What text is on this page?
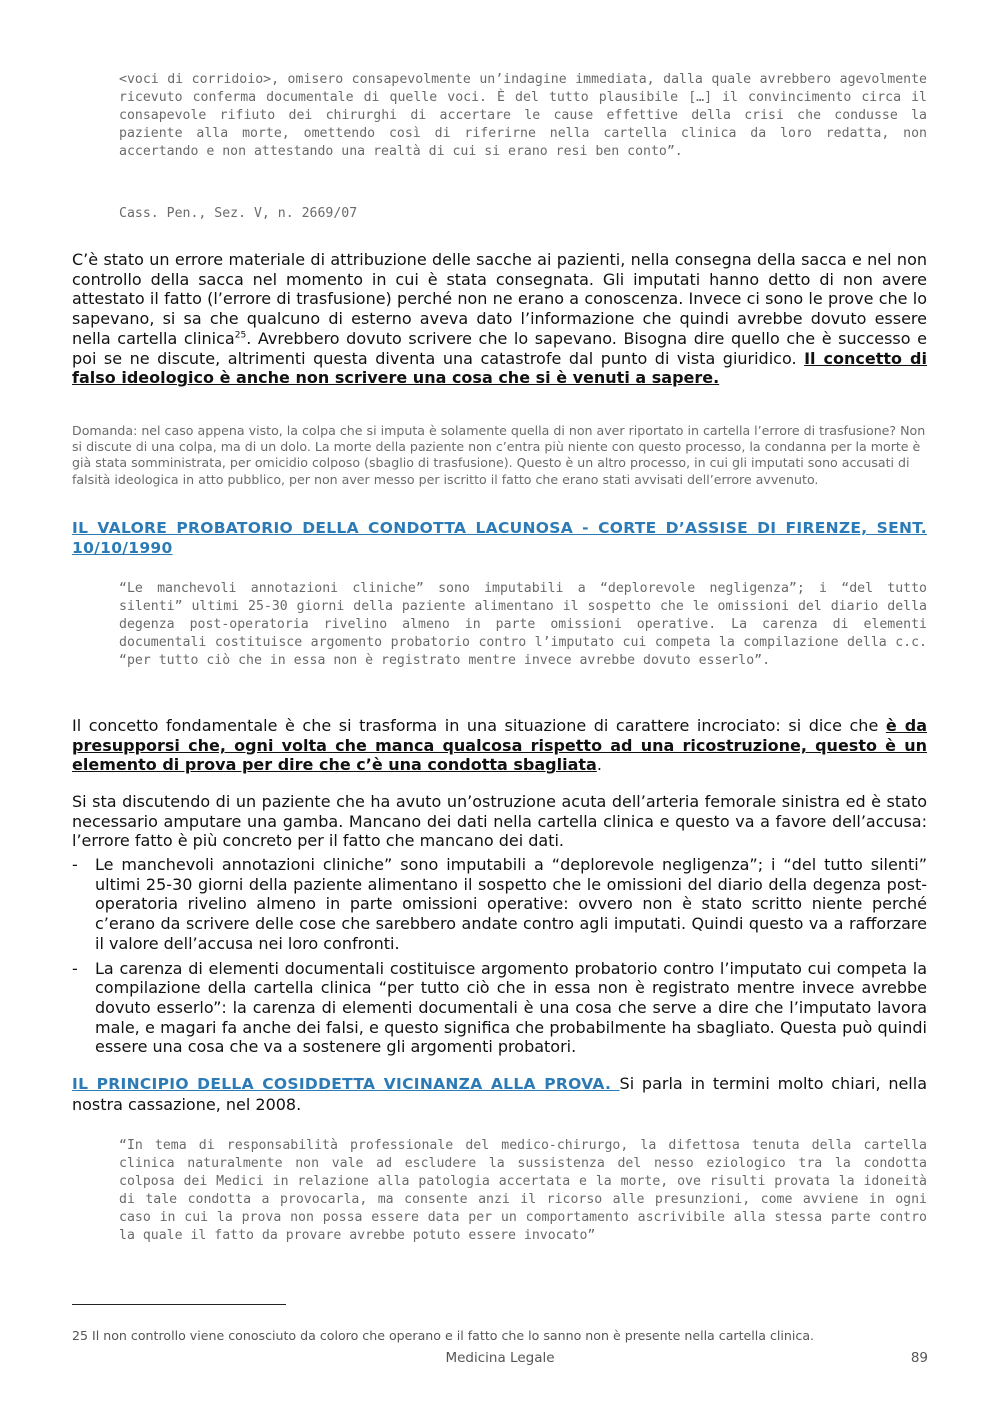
<voci di corridoio>, omisero consapevolmente un’indagine immediata, dalla quale avrebbero agevolmente ricevuto conferma documentale di quelle voci. È del tutto plausibile […] il convincimento circa il consapevole rifiuto dei chirurghi di accertare le cause effettive della crisi che condusse la paziente alla morte, omettendo così di riferirne nella cartella clinica da loro redatta, non accertando e non attestando una realtà di cui si erano resi ben conto”.

Cass. Pen., Sez. V, n. 2669/07

C’è stato un errore materiale di attribuzione delle sacche ai pazienti, nella consegna della sacca e nel non controllo della sacca nel momento in cui è stata consegnata. Gli imputati hanno detto di non avere attestato il fatto (l’errore di trasfusione) perché non ne erano a conoscenza. Invece ci sono le prove che lo sapevano, si sa che qualcuno di esterno aveva dato l’informazione che quindi avrebbe dovuto essere nella cartella clinica$^{25}$. Avrebbero dovuto scrivere che lo sapevano. Bisogna dire quello che è successo e poi se ne discute, altrimenti questa diventa una catastrofe dal punto di vista giuridico. Il concetto di falso ideologico è anche non scrivere una cosa che si è venuti a sapere.

Domanda: nel caso appena visto, la colpa che si imputa è solamente quella di non aver riportato in cartella l’errore di trasfusione? Non si discute di una colpa, ma di un dolo. La morte della paziente non c’entra più niente con questo processo, la condanna per la morte è già stata somministrata, per omicidio colposo (sbaglio di trasfusione). Questo è un altro processo, in cui gli imputati sono accusati di falsità ideologica in atto pubblico, per non aver messo per iscritto il fatto che erano stati avvisati dell’errore avvenuto.

IL VALORE PROBATORIO DELLA CONDOTTA LACUNOSA - CORTE D’ASSISE DI FIRENZE, SENT. 10/10/1990

“Le manchevoli annotazioni cliniche” sono imputabili a “deplorevole negligenza”; i “del tutto silenti” ultimi 25-30 giorni della paziente alimentano il sospetto che le omissioni del diario della degenza post-operatoria rivelino almeno in parte omissioni operative. La carenza di elementi documentali costituisce argomento probatorio contro l’imputato cui competa la compilazione della c.c. “per tutto ciò che in essa non è registrato mentre invece avrebbe dovuto esserlo”.

Il concetto fondamentale è che si trasforma in una situazione di carattere incrociato: si dice che è da presupporsi che, ogni volta che manca qualcosa rispetto ad una ricostruzione, questo è un elemento di prova per dire che c’è una condotta sbagliata.

Si sta discutendo di un paziente che ha avuto un’ostruzione acuta dell’arteria femorale sinistra ed è stato necessario amputare una gamba. Mancano dei dati nella cartella clinica e questo va a favore dell’accusa: l’errore fatto è più concreto per il fatto che mancano dei dati.

- Le manchevoli annotazioni cliniche” sono imputabili a “deplorevole negligenza”; i “del tutto silenti” ultimi 25-30 giorni della paziente alimentano il sospetto che le omissioni del diario della degenza post-operatoria rivelino almeno in parte omissioni operative: ovvero non è stato scritto niente perché c’erano da scrivere delle cose che sarebbero andate contro agli imputati. Quindi questo va a rafforzare il valore dell’accusa nei loro confronti.
- La carenza di elementi documentali costituisce argomento probatorio contro l’imputato cui competa la compilazione della cartella clinica “per tutto ciò che in essa non è registrato mentre invece avrebbe dovuto esserlo”: la carenza di elementi documentali è una cosa che serve a dire che l’imputato lavora male, e magari fa anche dei falsi, e questo significa che probabilmente ha sbagliato. Questa può quindi essere una cosa che va a sostenere gli argomenti probatori.

IL PRINCIPIO DELLA COSIDDETTA VICINANZA ALLA PROVA. Si parla in termini molto chiari, nella nostra cassazione, nel 2008.

“In tema di responsabilità professionale del medico-chirurgo, la difettosa tenuta della cartella clinica naturalmente non vale ad escludere la sussistenza del nesso eziologico tra la condotta colposa dei Medici in relazione alla patologia accertata e la morte, ove risulti provata la idoneità di tale condotta a provocarla, ma consente anzi il ricorso alle presunzioni, come avviene in ogni caso in cui la prova non possa essere data per un comportamento ascrivibile alla stessa parte contro la quale il fatto da provare avrebbe potuto essere invocato”

25 Il non controllo viene conosciuto da coloro che operano e il fatto che lo sanno non è presente nella cartella clinica.

Medicina Legale	89
